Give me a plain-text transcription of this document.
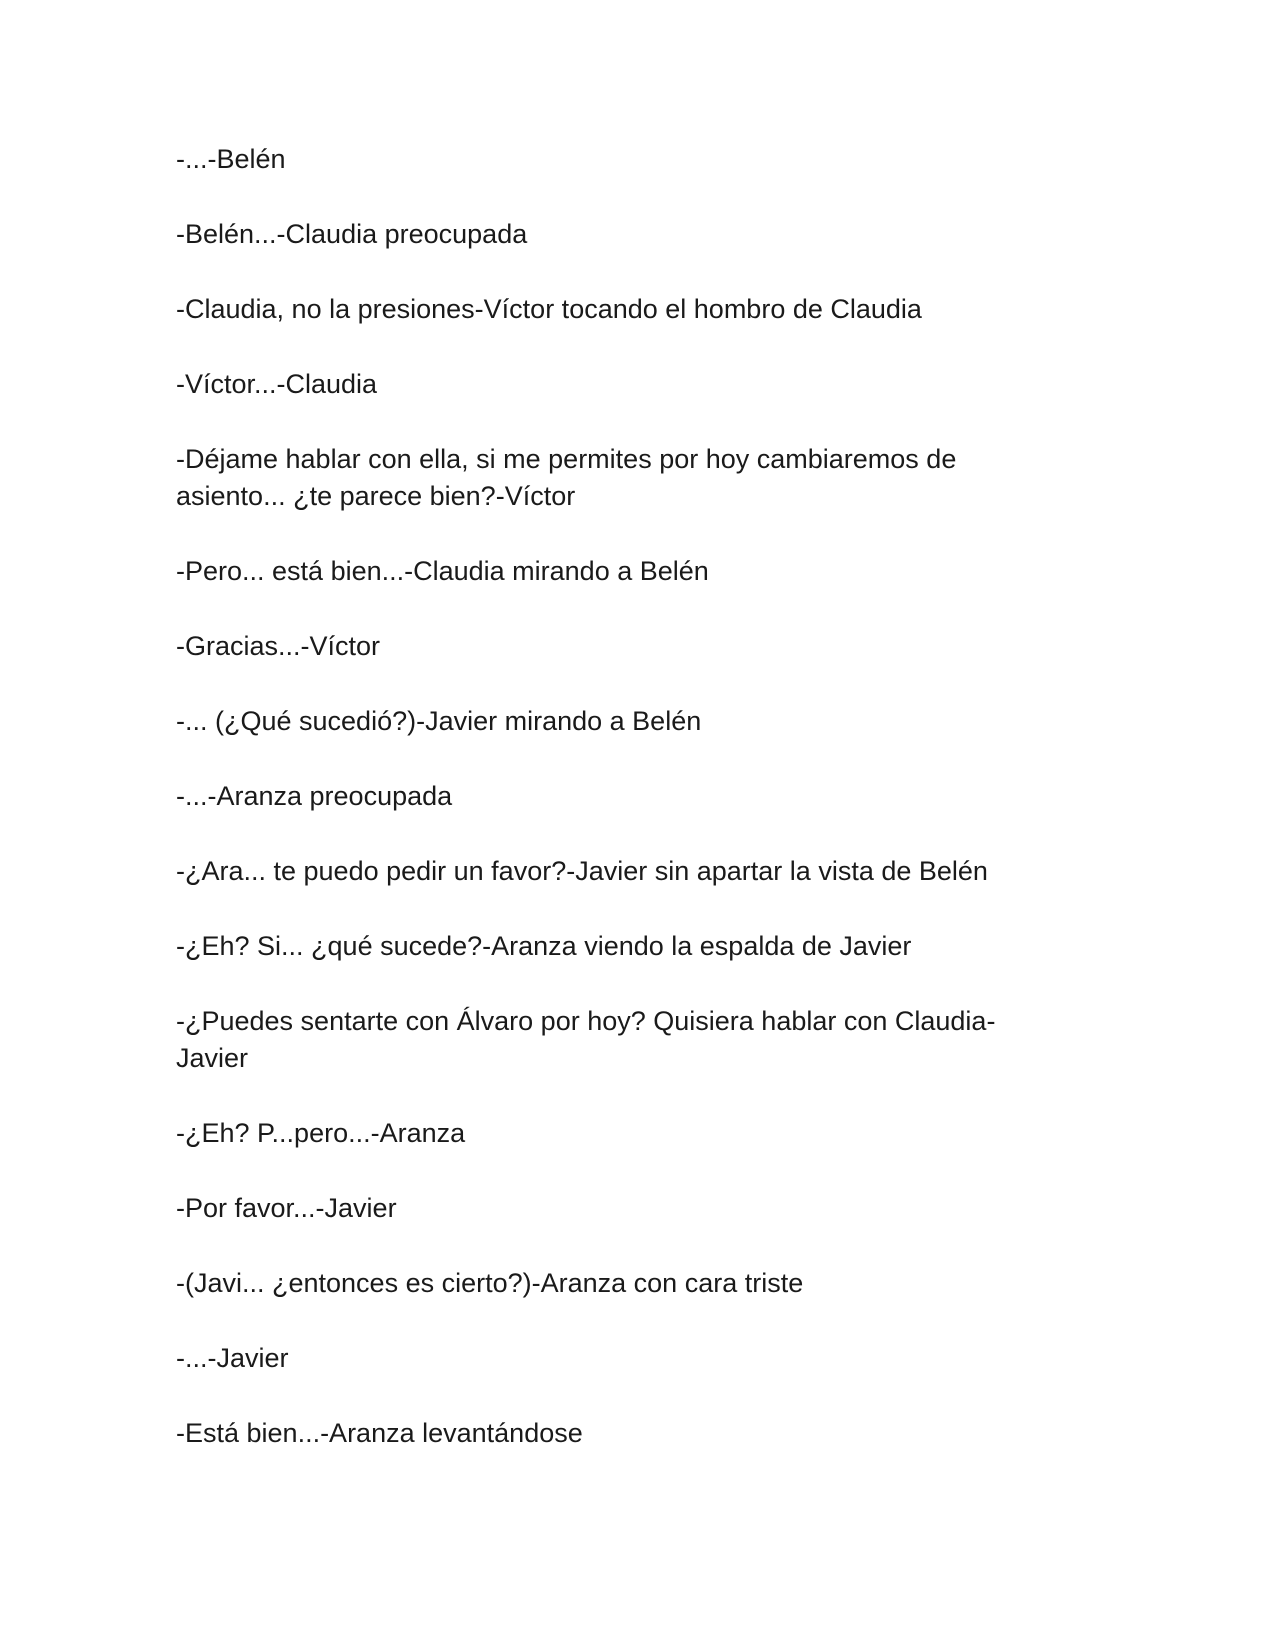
-...-Belén

-Belén...-Claudia preocupada

-Claudia, no la presiones-Víctor tocando el hombro de Claudia

-Víctor...-Claudia

-Déjame hablar con ella, si me permites por hoy cambiaremos de asiento... ¿te parece bien?-Víctor

-Pero... está bien...-Claudia mirando a Belén

-Gracias...-Víctor

-... (¿Qué sucedió?)-Javier mirando a Belén

-...-Aranza preocupada

-¿Ara... te puedo pedir un favor?-Javier sin apartar la vista de Belén

-¿Eh? Si... ¿qué sucede?-Aranza viendo la espalda de Javier

-¿Puedes sentarte con Álvaro por hoy? Quisiera hablar con Claudia-Javier

-¿Eh? P...pero...-Aranza

-Por favor...-Javier

-(Javi... ¿entonces es cierto?)-Aranza con cara triste

-...-Javier

-Está bien...-Aranza levantándose
